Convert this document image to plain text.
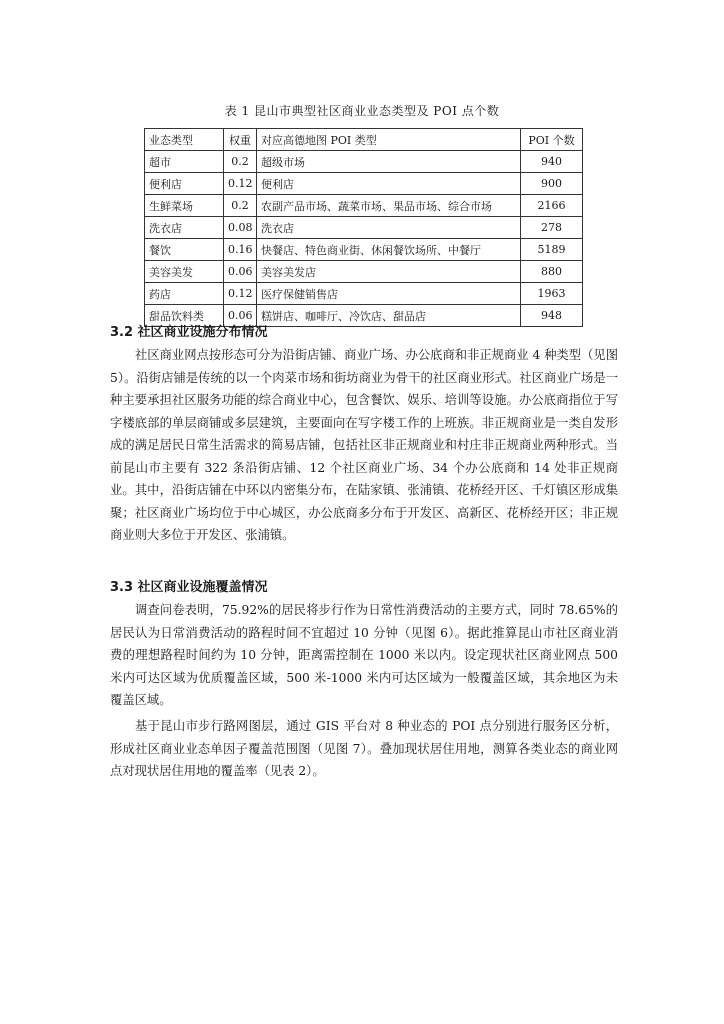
表 1 昆山市典型社区商业业态类型及 POI 点个数
业态类型	权重	对应高德地图 POI 类型	POI 个数
超市	0.2	超级市场	940
便利店	0.12	便利店	900
生鲜菜场	0.2	农副产品市场、蔬菜市场、果品市场、综合市场	2166
洗衣店	0.08	洗衣店	278
餐饮	0.16	快餐店、特色商业街、休闲餐饮场所、中餐厅	5189
美容美发	0.06	美容美发店	880
药店	0.12	医疗保健销售店	1963
甜品饮料类	0.06	糕饼店、咖啡厅、冷饮店、甜品店	948
3.2 社区商业设施分布情况

社区商业网点按形态可分为沿街店铺、商业广场、办公底商和非正规商业 4 种类型（见图 5）。沿街店铺是传统的以一个肉菜市场和街坊商业为骨干的社区商业形式。社区商业广场是一种主要承担社区服务功能的综合商业中心，包含餐饮、娱乐、培训等设施。办公底商指位于写字楼底部的单层商铺或多层建筑，主要面向在写字楼工作的上班族。非正规商业是一类自发形成的满足居民日常生活需求的简易店铺，包括社区非正规商业和村庄非正规商业两种形式。当前昆山市主要有 322 条沿街店铺、12 个社区商业广场、34 个办公底商和 14 处非正规商业。其中，沿街店铺在中环以内密集分布，在陆家镇、张浦镇、花桥经开区、千灯镇区形成集聚；社区商业广场均位于中心城区，办公底商多分布于开发区、高新区、花桥经开区；非正规商业则大多位于开发区、张浦镇。

3.3 社区商业设施覆盖情况

调查问卷表明，75.92%的居民将步行作为日常性消费活动的主要方式，同时 78.65%的居民认为日常消费活动的路程时间不宜超过 10 分钟（见图 6）。据此推算昆山市社区商业消费的理想路程时间约为 10 分钟，距离需控制在 1000 米以内。设定现状社区商业网点 500 米内可达区域为优质覆盖区域，500 米-1000 米内可达区域为一般覆盖区域，其余地区为未覆盖区域。

基于昆山市步行路网图层，通过 GIS 平台对 8 种业态的 POI 点分别进行服务区分析，形成社区商业业态单因子覆盖范围图（见图 7）。叠加现状居住用地，测算各类业态的商业网点对现状居住用地的覆盖率（见表 2）。
